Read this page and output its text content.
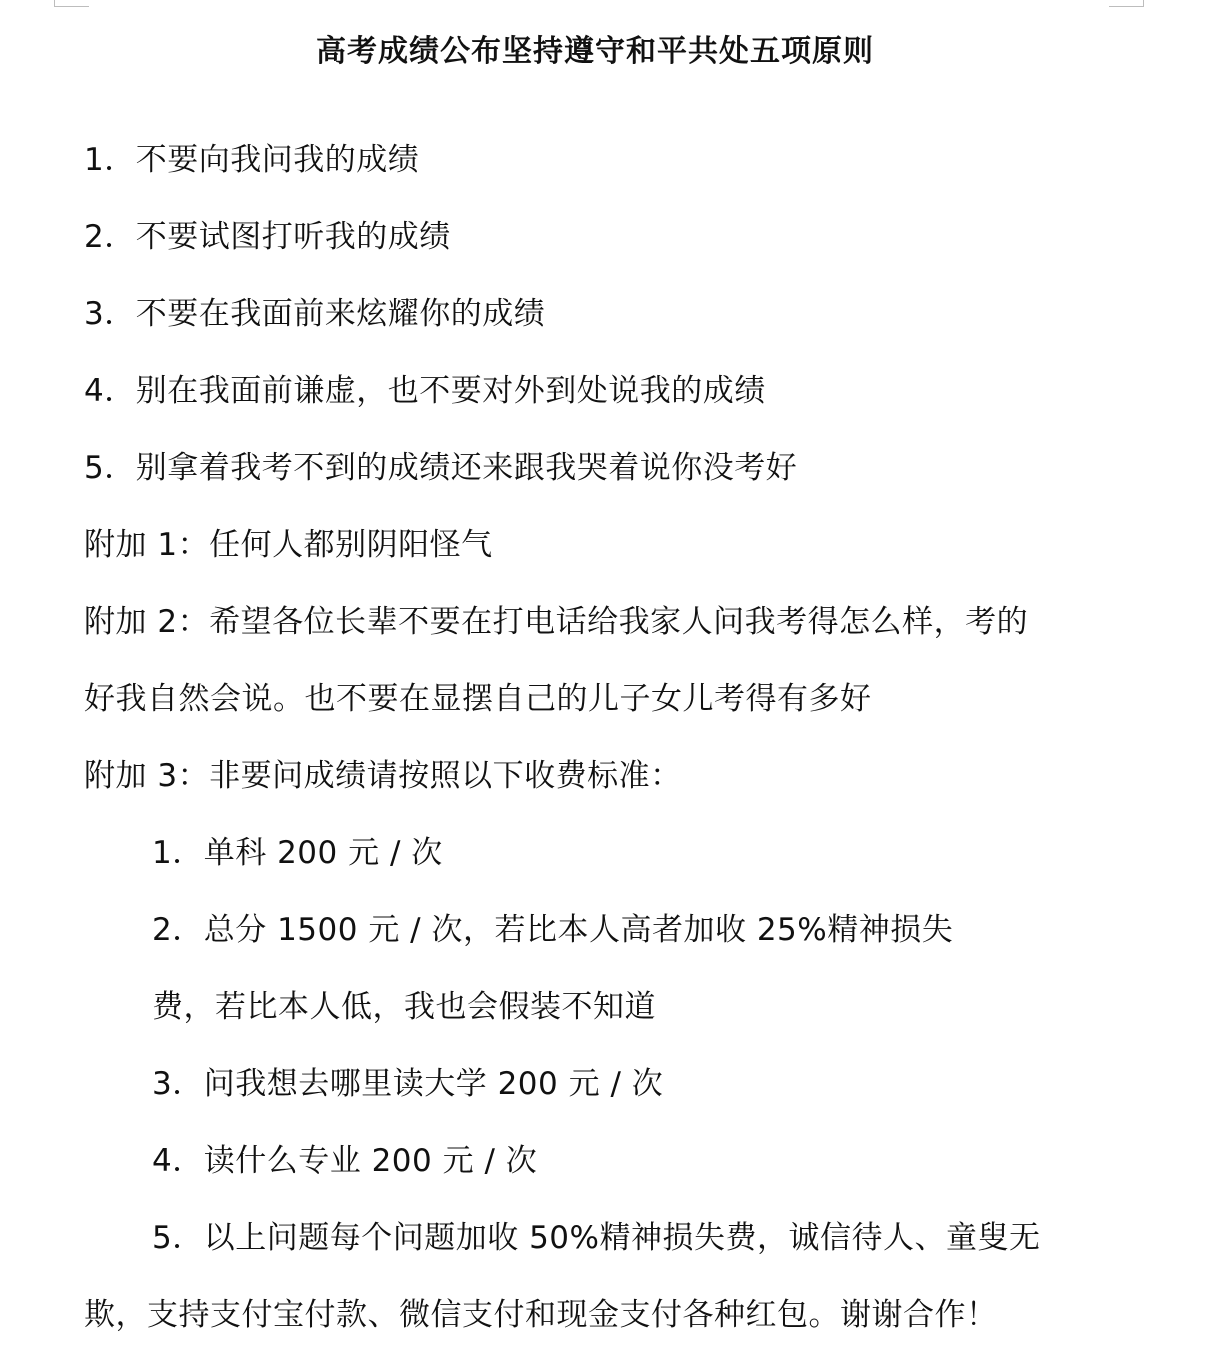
高考成绩公布坚持遵守和平共处五项原则
1．不要向我问我的成绩
2．不要试图打听我的成绩
3．不要在我面前来炫耀你的成绩
4．别在我面前谦虚，也不要对外到处说我的成绩
5．别拿着我考不到的成绩还来跟我哭着说你没考好
附加 1：任何人都别阴阳怪气
附加 2：希望各位长辈不要在打电话给我家人问我考得怎么样，考的
好我自然会说。也不要在显摆自己的儿子女儿考得有多好
附加 3：非要问成绩请按照以下收费标准：
1．单科 200 元 / 次
2．总分 1500 元 / 次，若比本人高者加收 25%精神损失
费，若比本人低，我也会假装不知道
3．问我想去哪里读大学 200 元 / 次
4．读什么专业 200 元 / 次
5．以上问题每个问题加收 50%精神损失费，诚信待人、童叟无
欺，支持支付宝付款、微信支付和现金支付各种红包。谢谢合作！
